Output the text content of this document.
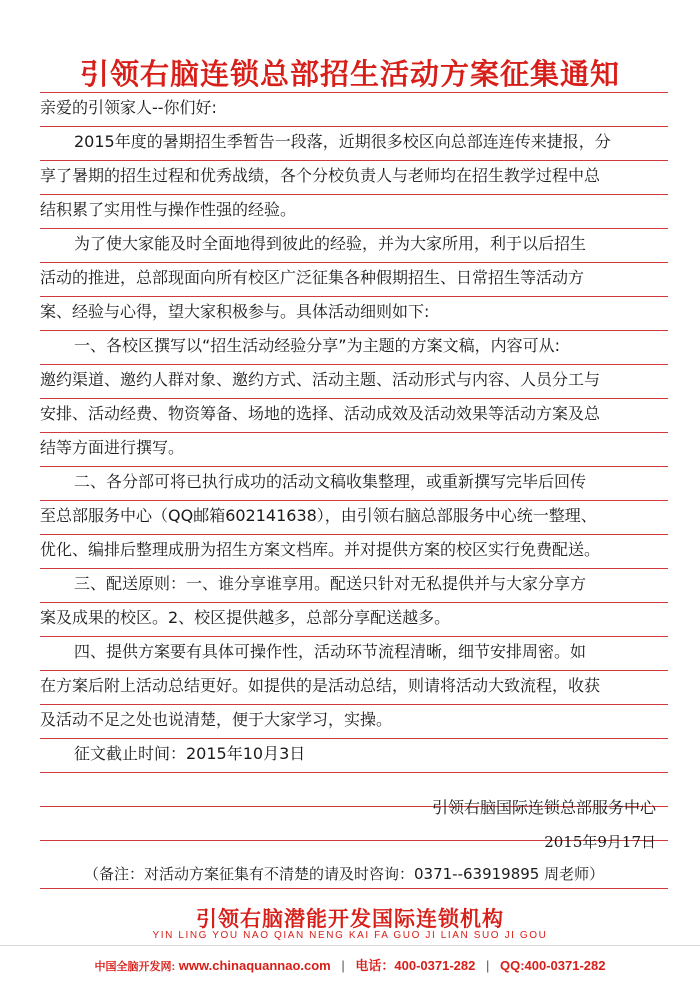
引领右脑连锁总部招生活动方案征集通知
亲爱的引领家人--你们好:
2015年度的暑期招生季暂告一段落，近期很多校区向总部连连传来捷报，分
享了暑期的招生过程和优秀战绩，各个分校负责人与老师均在招生教学过程中总
结积累了实用性与操作性强的经验。
为了使大家能及时全面地得到彼此的经验，并为大家所用，利于以后招生
活动的推进，总部现面向所有校区广泛征集各种假期招生、日常招生等活动方
案、经验与心得，望大家积极参与。具体活动细则如下:
一、各校区撰写以“招生活动经验分享”为主题的方案文稿，内容可从:
邀约渠道、邀约人群对象、邀约方式、活动主题、活动形式与内容、人员分工与
安排、活动经费、物资筹备、场地的选择、活动成效及活动效果等活动方案及总
结等方面进行撰写。
二、各分部可将已执行成功的活动文稿收集整理，或重新撰写完毕后回传
至总部服务中心（QQ邮箱602141638），由引领右脑总部服务中心统一整理、
优化、编排后整理成册为招生方案文档库。并对提供方案的校区实行免费配送。
三、配送原则：一、谁分享谁享用。配送只针对无私提供并与大家分享方
案及成果的校区。2、校区提供越多，总部分享配送越多。
四、提供方案要有具体可操作性，活动环节流程清晰，细节安排周密。如
在方案后附上活动总结更好。如提供的是活动总结，则请将活动大致流程，收获
及活动不足之处也说清楚，便于大家学习，实操。
征文截止时间：2015年10月3日
引领右脑国际连锁总部服务中心
2015年9月17日
（备注：对活动方案征集有不清楚的请及时咨询：0371--63919895 周老师）
引领右脑潜能开发国际连锁机构
YIN LING YOU NAO QIAN NENG KAI FA GUO JI LIAN SUO JI GOU
中国全脑开发网: www.chinaquannao.com | 电话：400-0371-282 | QQ:400-0371-282
